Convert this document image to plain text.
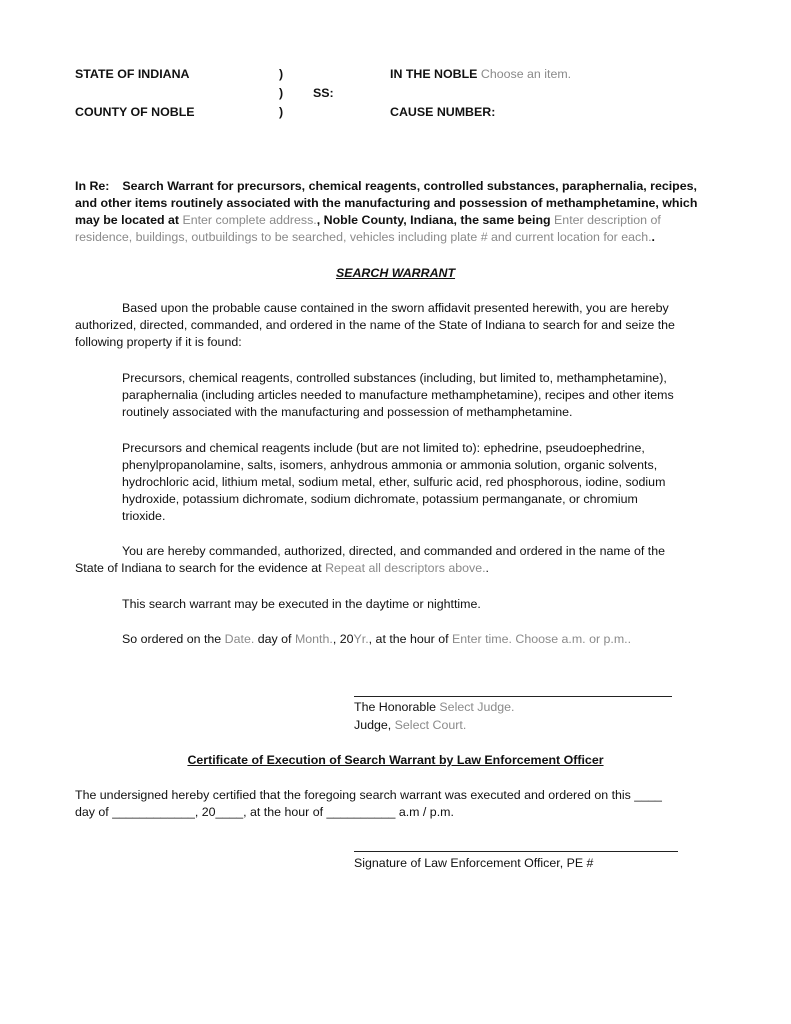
STATE OF INDIANA	)
) SS:
COUNTY OF NOBLE	)
IN THE NOBLE Choose an item.
CAUSE NUMBER:
In Re: Search Warrant for precursors, chemical reagents, controlled substances, paraphernalia, recipes,
and other items routinely associated with the manufacturing and possession of methamphetamine, which
may be located at Enter complete address., Noble County, Indiana, the same being Enter description of
residence, buildings, outbuildings to be searched, vehicles including plate # and current location for each..
SEARCH WARRANT
Based upon the probable cause contained in the sworn affidavit presented herewith, you are hereby
authorized, directed, commanded, and ordered in the name of the State of Indiana to search for and seize the
following property if it is found:
Precursors, chemical reagents, controlled substances (including, but limited to, methamphetamine),
paraphernalia (including articles needed to manufacture methamphetamine), recipes and other items
routinely associated with the manufacturing and possession of methamphetamine.
Precursors and chemical reagents include (but are not limited to): ephedrine, pseudoephedrine,
phenylpropanolamine, salts, isomers, anhydrous ammonia or ammonia solution, organic solvents,
hydrochloric acid, lithium metal, sodium metal, ether, sulfuric acid, red phosphorous, iodine, sodium
hydroxide, potassium dichromate, sodium dichromate, potassium permanganate, or chromium
trioxide.
You are hereby commanded, authorized, directed, and commanded and ordered in the name of the
State of Indiana to search for the evidence at Repeat all descriptors above..
This search warrant may be executed in the daytime or nighttime.
So ordered on the Date. day of Month., 20Yr., at the hour of Enter time. Choose a.m. or p.m..
The Honorable Select Judge.
Judge, Select Court.
Certificate of Execution of Search Warrant by Law Enforcement Officer
The undersigned hereby certified that the foregoing search warrant was executed and ordered on this ____
day of ____________, 20____, at the hour of __________ a.m / p.m.
Signature of Law Enforcement Officer, PE #
